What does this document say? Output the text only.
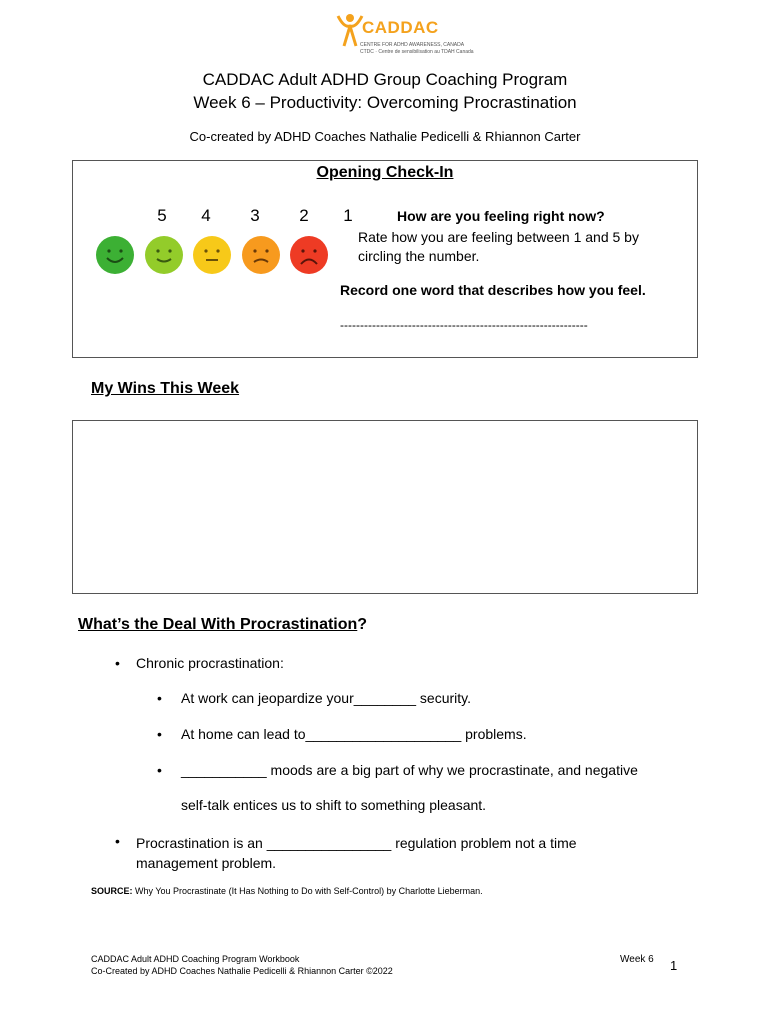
CADDAC
CENTRE FOR ADHD AWARENESS, CANADA
CTDC · Centre de sensibilisation au TDAH Canada
CADDAC Adult ADHD Group Coaching Program
Week 6 – Productivity: Overcoming Procrastination
Co-created by ADHD Coaches Nathalie Pedicelli & Rhiannon Carter
Opening Check-In
5	4	3	2	1	How are you feeling right now?
Rate how you are feeling between 1 and 5 by circling the number.
Record one word that describes how you feel.
--------------------------------------------------------------
My Wins This Week
What’s the Deal With Procrastination?
• Chronic procrastination:
• At work can jeopardize your________ security.
• At home can lead to____________________ problems.
• ___________ moods are a big part of why we procrastinate, and negative
self-talk entices us to shift to something pleasant.
• Procrastination is an ________________ regulation problem not a time management problem.
SOURCE: Why You Procrastinate (It Has Nothing to Do with Self-Control) by Charlotte Lieberman.
CADDAC Adult ADHD Coaching Program Workbook
Co-Created by ADHD Coaches Nathalie Pedicelli & Rhiannon Carter ©2022
Week 6 1
